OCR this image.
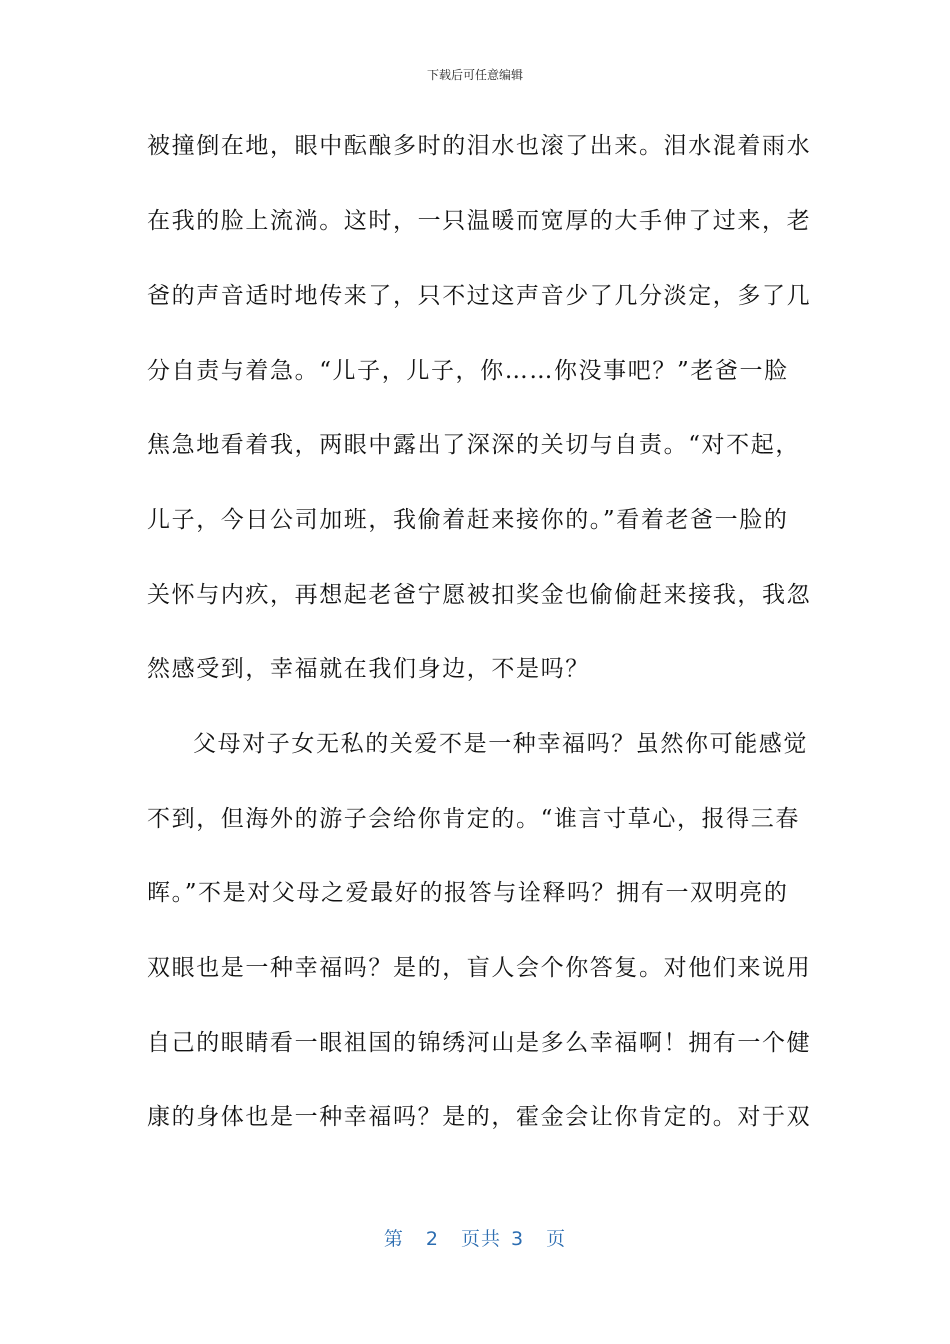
下载后可任意编辑
被撞倒在地，眼中酝酿多时的泪水也滚了出来。泪水混着雨水
在我的脸上流淌。这时，一只温暖而宽厚的大手伸了过来，老
爸的声音适时地传来了，只不过这声音少了几分淡定，多了几
分自责与着急。“儿子，儿子，你……你没事吧？”老爸一脸
焦急地看着我，两眼中露出了深深的关切与自责。“对不起，
儿子，今日公司加班，我偷着赶来接你的。”看着老爸一脸的
关怀与内疚，再想起老爸宁愿被扣奖金也偷偷赶来接我，我忽
然感受到，幸福就在我们身边，不是吗？
父母对子女无私的关爱不是一种幸福吗？虽然你可能感觉
不到，但海外的游子会给你肯定的。“谁言寸草心，报得三春
晖。”不是对父母之爱最好的报答与诠释吗？拥有一双明亮的
双眼也是一种幸福吗？是的，盲人会个你答复。对他们来说用
自己的眼睛看一眼祖国的锦绣河山是多么幸福啊！拥有一个健
康的身体也是一种幸福吗？是的，霍金会让你肯定的。对于双
第 2 页共 3 页
